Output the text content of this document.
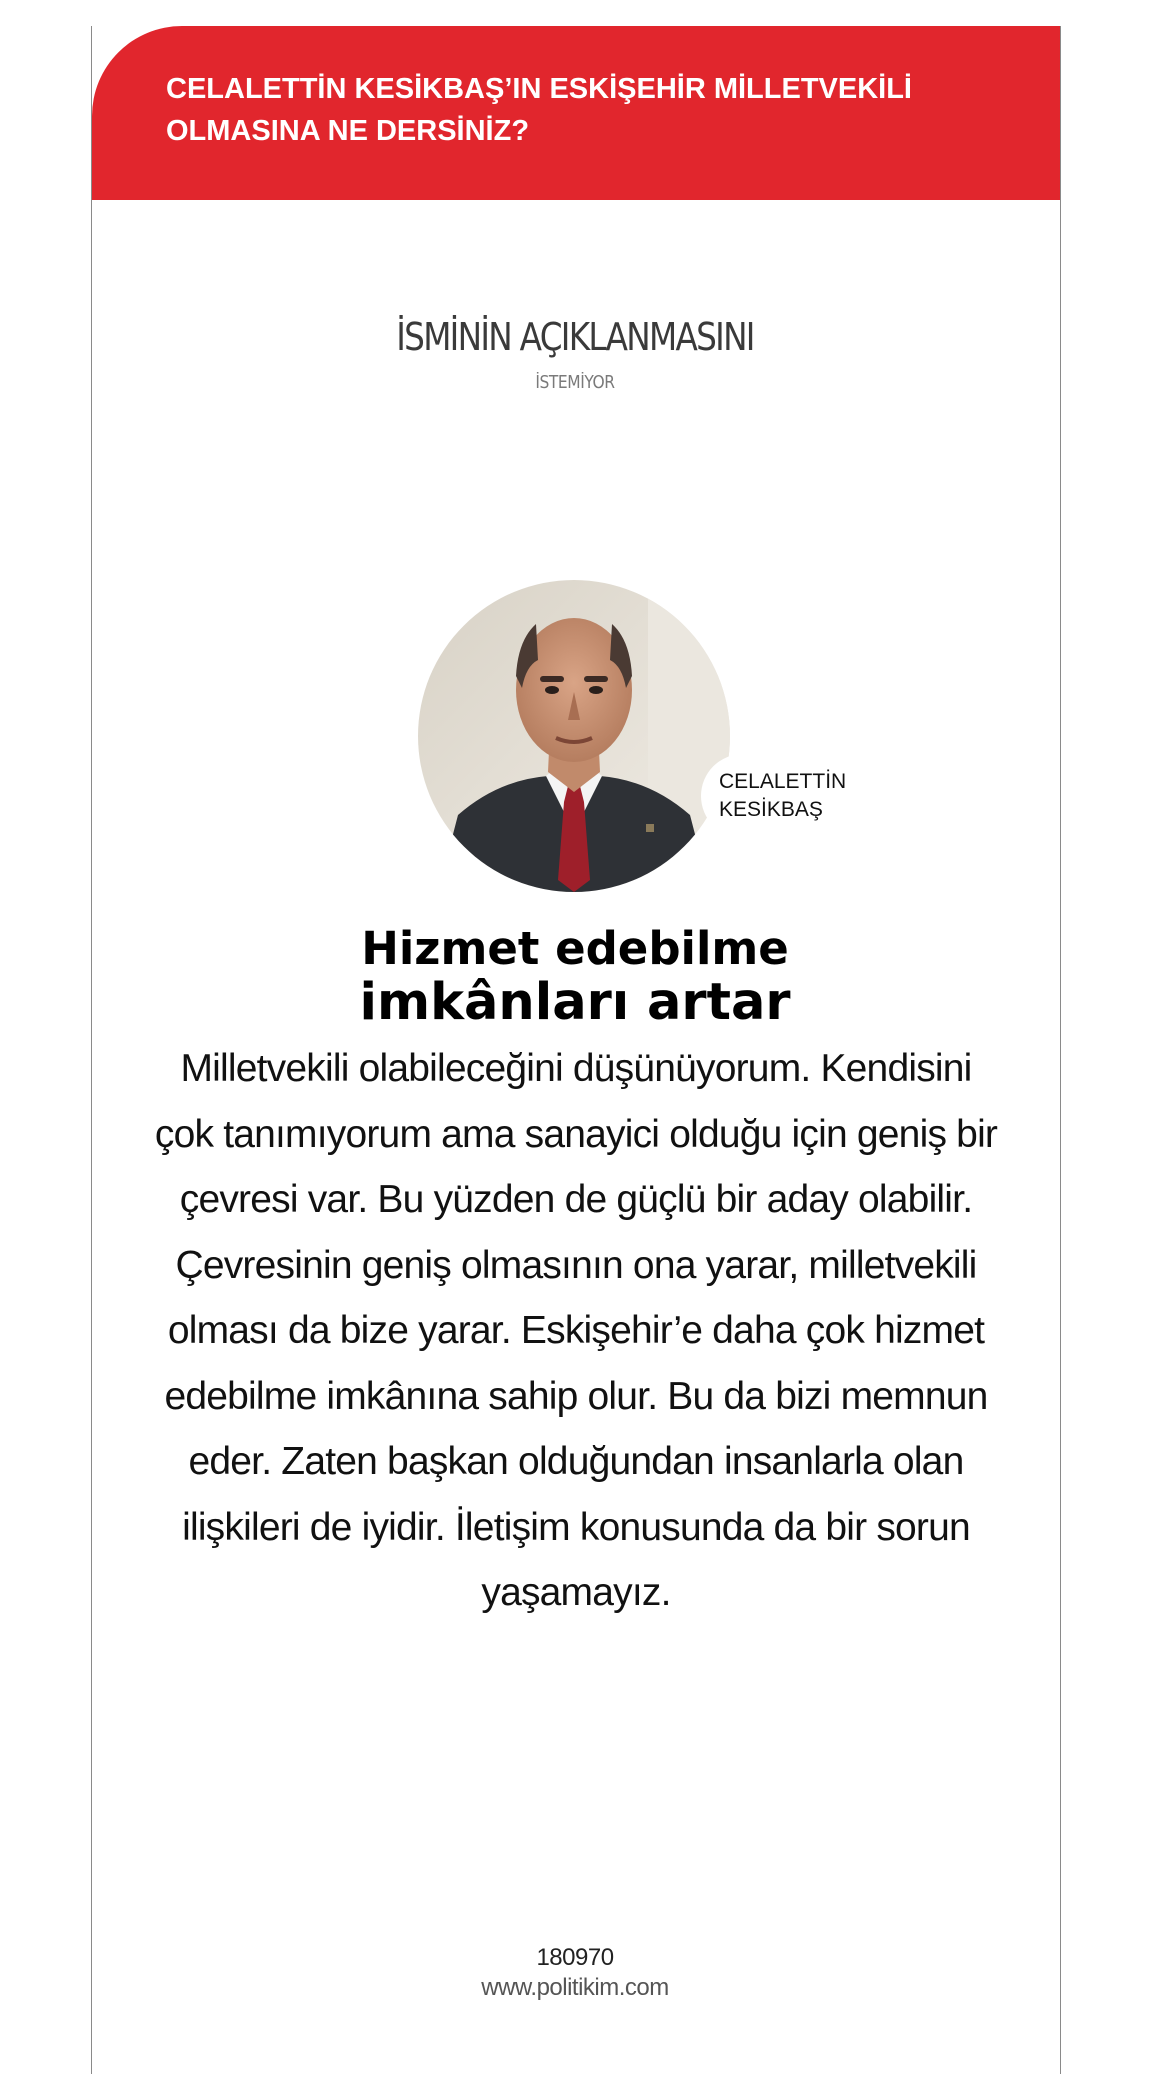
CELALETTİN KESİKBAŞ’IN ESKİŞEHİR MİLLETVEKİLİ
OLMASINA NE DERSİNİZ?
İSMİNİN AÇIKLANMASINI
İSTEMİYOR
CELALETTİN
KESİKBAŞ
Hizmet edebilme
imkânları artar
Milletvekili olabileceğini düşünüyorum. Kendisini çok tanımıyorum ama sanayici olduğu için geniş bir çevresi var. Bu yüzden de güçlü bir aday olabilir. Çevresinin geniş olmasının ona yarar, milletvekili olması da bize yarar. Eskişehir’e daha çok hizmet edebilme imkânına sahip olur. Bu da bizi memnun eder. Zaten başkan olduğundan insanlarla olan ilişkileri de iyidir. İletişim konusunda da bir sorun yaşamayız.
180970
www.politikim.com
